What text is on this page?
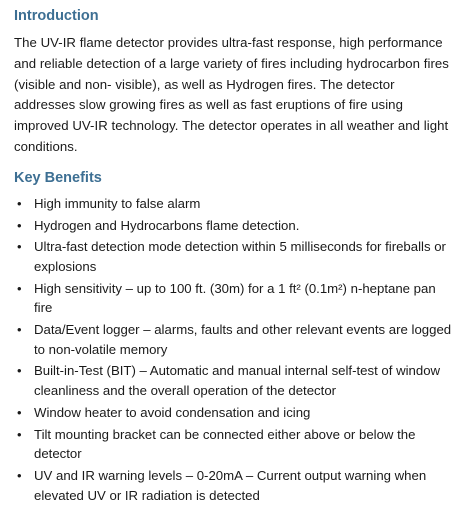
Introduction

The UV-IR flame detector provides ultra-fast response, high performance and reliable detection of a large variety of fires including hydrocarbon fires (visible and non- visible), as well as Hydrogen fires. The detector addresses slow growing fires as well as fast eruptions of fire using improved UV-IR technology. The detector operates in all weather and light conditions.

Key Benefits
• High immunity to false alarm
• Hydrogen and Hydrocarbons flame detection.
• Ultra-fast detection mode detection within 5 milliseconds for fireballs or explosions
• High sensitivity – up to 100 ft. (30m) for a 1 ft² (0.1m²) n-heptane pan fire
• Data/Event logger – alarms, faults and other relevant events are logged to non-volatile memory
• Built-in-Test (BIT) – Automatic and manual internal self-test of window cleanliness and the overall operation of the detector
• Window heater to avoid condensation and icing
• Tilt mounting bracket can be connected either above or below the detector
• UV and IR warning levels – 0-20mA – Current output warning when elevated UV or IR radiation is detected
